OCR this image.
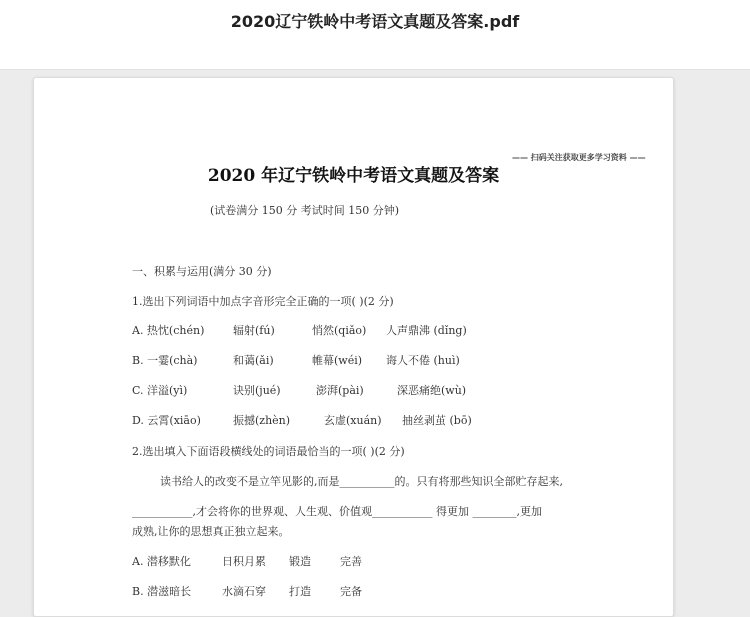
2020辽宁铁岭中考语文真题及答案.pdf
—— 扫码关注获取更多学习资料 ——
2020 年辽宁铁岭中考语文真题及答案
(试卷满分 150 分 考试时间 150 分钟)
一、积累与运用(满分 30 分)
1.选出下列词语中加点字音形完全正确的一项( )(2 分)
A. 热忱(chén)	辐射(fú)	悄然(qiǎo) 人声鼎沸 (dǐng)
B. 一霎(chà)	和蔼(ǎi)	帷幕(wéi) 诲人不倦 (huì)
C. 洋溢(yì)	诀别(jué)	澎湃(pài)	深恶痛绝(wù)
D. 云霄(xiāo)	振撼(zhèn)	玄虚(xuán) 抽丝剥茧 (bō)
2.选出填入下面语段横线处的词语最恰当的一项( )(2 分)
读书给人的改变不是立竿见影的,而是__________的。只有将那些知识全部贮存起来,
___________,才会将你的世界观、人生观、价值观___________ 得更加 ________,更加
成熟,让你的思想真正独立起来。
A. 潜移默化	日积月累 锻造	完善
B. 潜滋暗长	水滴石穿 打造	完备
